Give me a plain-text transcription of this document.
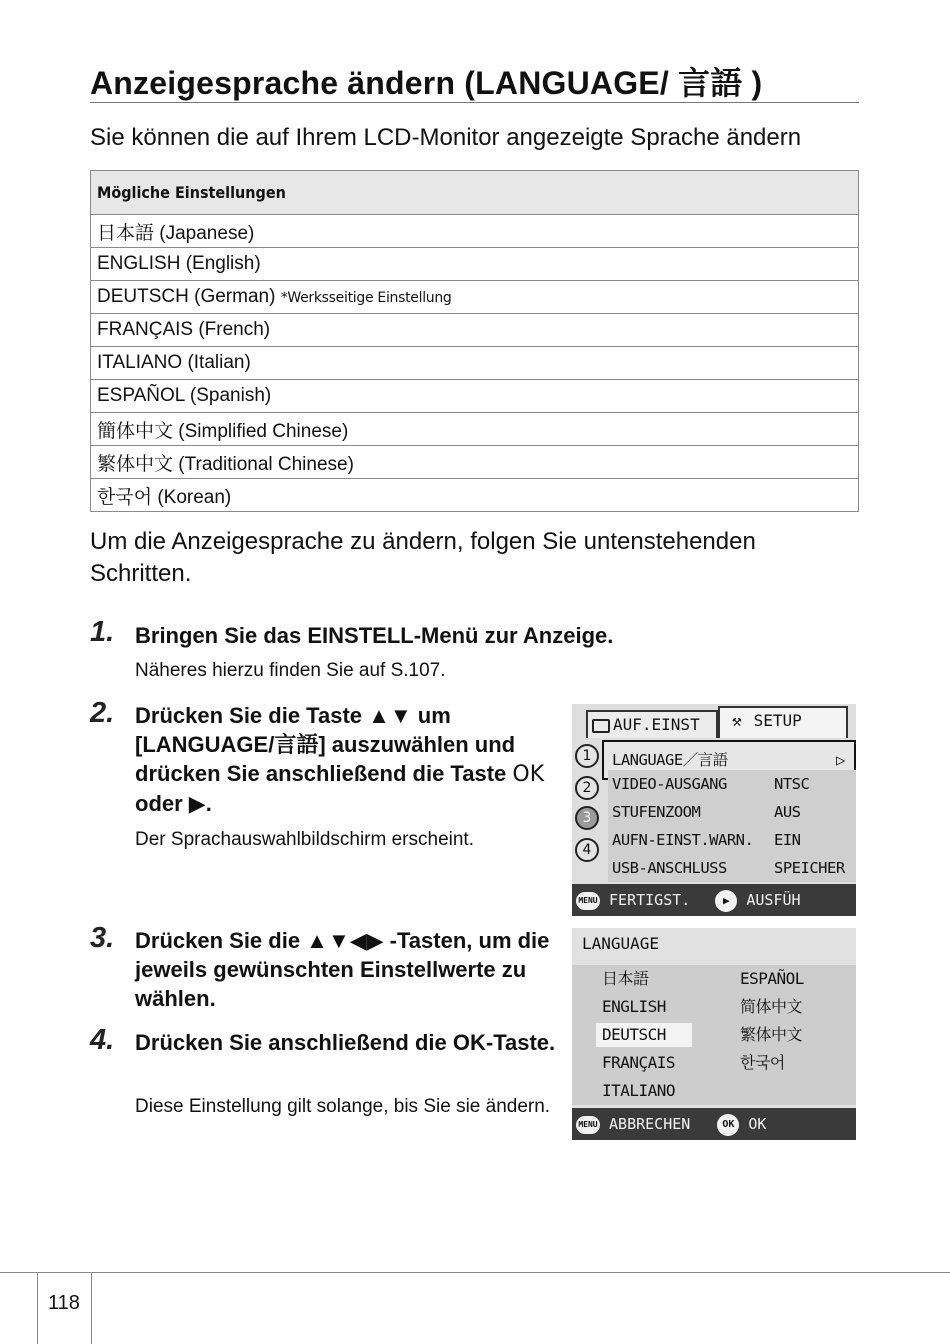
Anzeigesprache ändern (LANGUAGE/ 言語 )
Sie können die auf Ihrem LCD-Monitor angezeigte Sprache ändern
Mögliche Einstellungen
日本語 (Japanese)
ENGLISH (English)
DEUTSCH (German) *Werksseitige Einstellung
FRANÇAIS (French)
ITALIANO (Italian)
ESPAÑOL (Spanish)
簡体中文 (Simplified Chinese)
繁体中文 (Traditional Chinese)
한국어 (Korean)
Um die Anzeigesprache zu ändern, folgen Sie untenstehenden Schritten.
1. Bringen Sie das EINSTELL-Menü zur Anzeige.
Näheres hierzu finden Sie auf S.107.
2. Drücken Sie die Taste ▲▼ um [LANGUAGE/言語] auszuwählen und drücken Sie anschließend die Taste OK oder ▶.
Der Sprachauswahlbildschirm erscheint.
3. Drücken Sie die ▲▼◀▶ -Tasten, um die jeweils gewünschten Einstellwerte zu wählen.
4. Drücken Sie anschließend die OK-Taste.
Diese Einstellung gilt solange, bis Sie sie ändern.
AUF.EINST	⚒ SETUP
LANGUAGE／言語	▷
VIDEO-AUSGANG	NTSC
STUFENZOOM	AUS
AUFN-EINST.WARN. EIN
USB-ANSCHLUSS	SPEICHER
1
2
3
4
MENU FERTIGST.	▶ AUSFÜH
LANGUAGE
日本語	ESPAÑOL
ENGLISH	简体中文
DEUTSCH	繁体中文
FRANÇAIS	한국어
ITALIANO
MENU ABBRECHEN	OK OK
118
